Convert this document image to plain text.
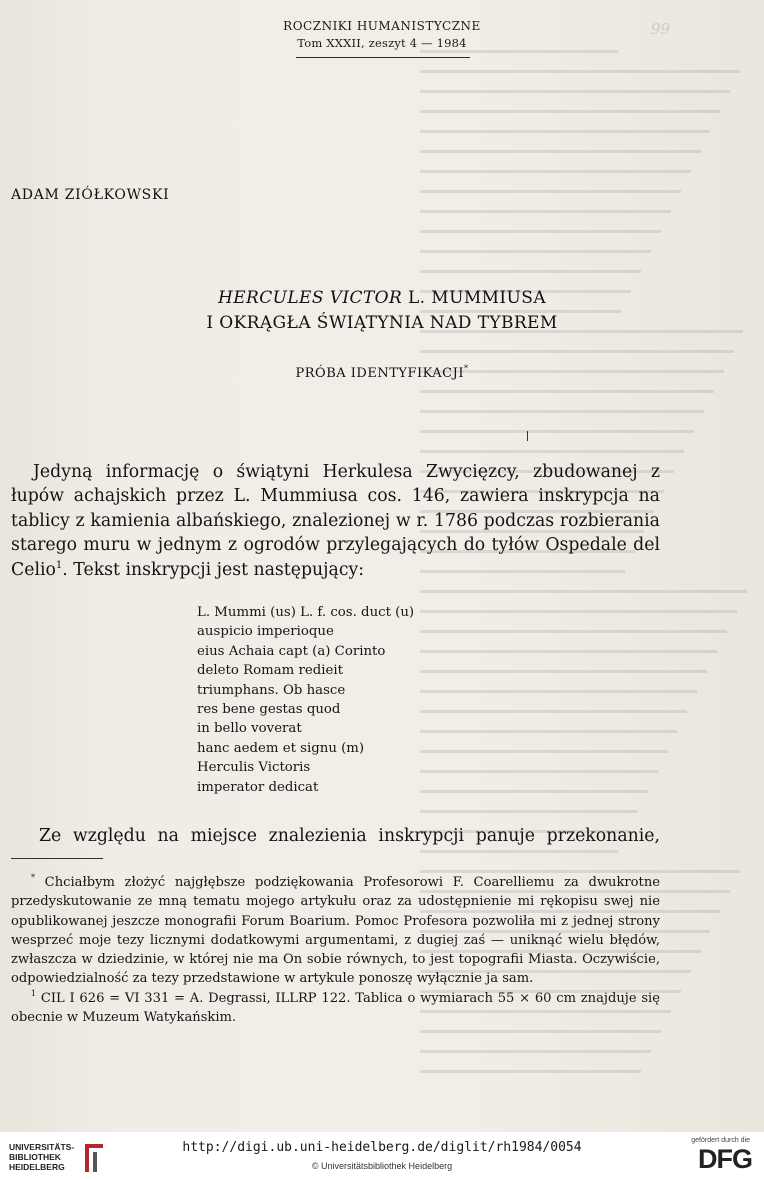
99
ROCZNIKI HUMANISTYCZNE
Tom XXXII, zeszyt 4 — 1984
ADAM ZIÓŁKOWSKI
HERCULES VICTOR L. MUMMIUSA
I OKRĄGŁA ŚWIĄTYNIA NAD TYBREM
PRÓBA IDENTYFIKACJI*

Jedyną informację o świątyni Herkulesa Zwycięzcy, zbudowanej z łupów achajskich przez L. Mummiusa cos. 146, zawiera inskrypcja na tablicy z kamienia albańskiego, znalezionej w r. 1786 podczas rozbierania starego muru w jednym z ogrodów przylegających do tyłów Ospedale del Celio$^1$. Tekst inskrypcji jest następujący:

L. Mummi (us) L. f. cos. duct (u)
auspicio imperioque
eius Achaia capt (a) Corinto
deleto Romam redieit
triumphans. Ob hasce
res bene gestas quod
in bello voverat
hanc aedem et signu (m)
Herculis Victoris
imperator dedicat

Ze względu na miejsce znalezienia inskrypcji panuje przekonanie,

* Chciałbym złożyć najgłębsze podziękowania Profesorowi F. Coarelliemu za dwukrotne przedyskutowanie ze mną tematu mojego artykułu oraz za udostępnienie mi rękopisu swej nie opublikowanej jeszcze monografii Forum Boarium. Pomoc Profesora pozwoliła mi z jednej strony wesprzeć moje tezy licznymi dodatkowymi argumentami, z dugiej zaś — uniknąć wielu błędów, zwłaszcza w dziedzinie, w której nie ma On sobie równych, to jest topografii Miasta. Oczywiście, odpowiedzialność za tezy przedstawione w artykule ponoszę wyłącznie ja sam.

$^1$ CIL I 626 = VI 331 = A. Degrassi, ILLRP 122. Tablica o wymiarach 55 × 60 cm znajduje się obecnie w Muzeum Watykańskim.

UNIVERSITÄTS-
BIBLIOTHEK
HEIDELBERG
http://digi.ub.uni-heidelberg.de/diglit/rh1984/0054
© Universitätsbibliothek Heidelberg
gefördert durch die
DFG
